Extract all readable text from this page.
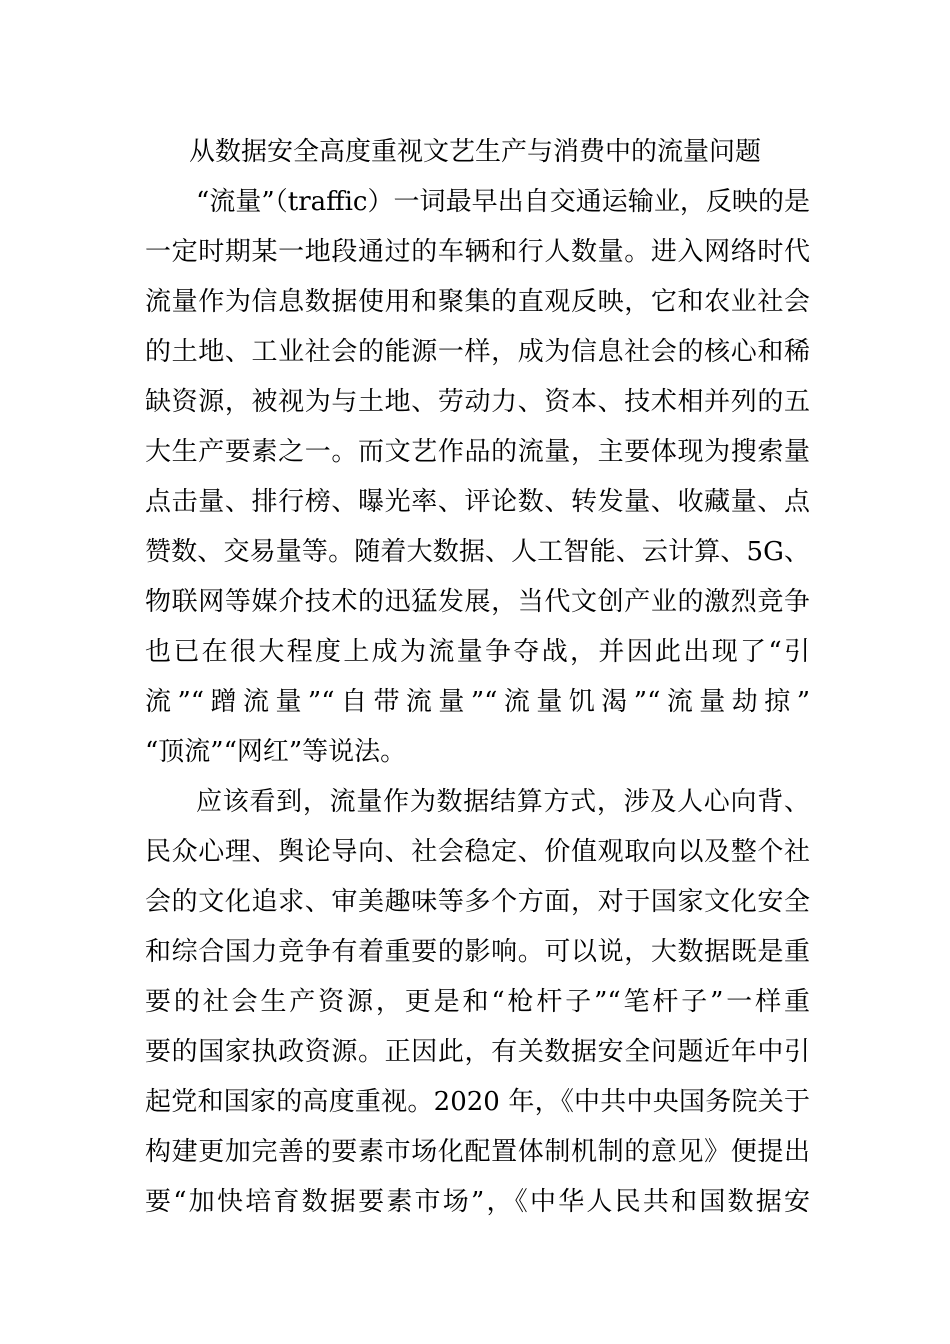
从数据安全高度重视文艺生产与消费中的流量问题
“流量”（traffic）一词最早出自交通运输业，反映的是
一定时期某一地段通过的车辆和行人数量。进入网络时代
流量作为信息数据使用和聚集的直观反映，它和农业社会
的土地、工业社会的能源一样，成为信息社会的核心和稀
缺资源，被视为与土地、劳动力、资本、技术相并列的五
大生产要素之一。而文艺作品的流量，主要体现为搜索量
点击量、排行榜、曝光率、评论数、转发量、收藏量、点
赞数、交易量等。随着大数据、人工智能、云计算、5G、
物联网等媒介技术的迅猛发展，当代文创产业的激烈竞争
也已在很大程度上成为流量争夺战，并因此出现了“引
流”“蹭流量”“自带流量”“流量饥渴”“流量劫掠”
“顶流”“网红”等说法。
应该看到，流量作为数据结算方式，涉及人心向背、
民众心理、舆论导向、社会稳定、价值观取向以及整个社
会的文化追求、审美趣味等多个方面，对于国家文化安全
和综合国力竞争有着重要的影响。可以说，大数据既是重
要的社会生产资源，更是和“枪杆子”“笔杆子”一样重
要的国家执政资源。正因此，有关数据安全问题近年中引
起党和国家的高度重视。2020 年，《中共中央国务院关于
构建更加完善的要素市场化配置体制机制的意见》便提出
要“加快培育数据要素市场”，《中华人民共和国数据安
